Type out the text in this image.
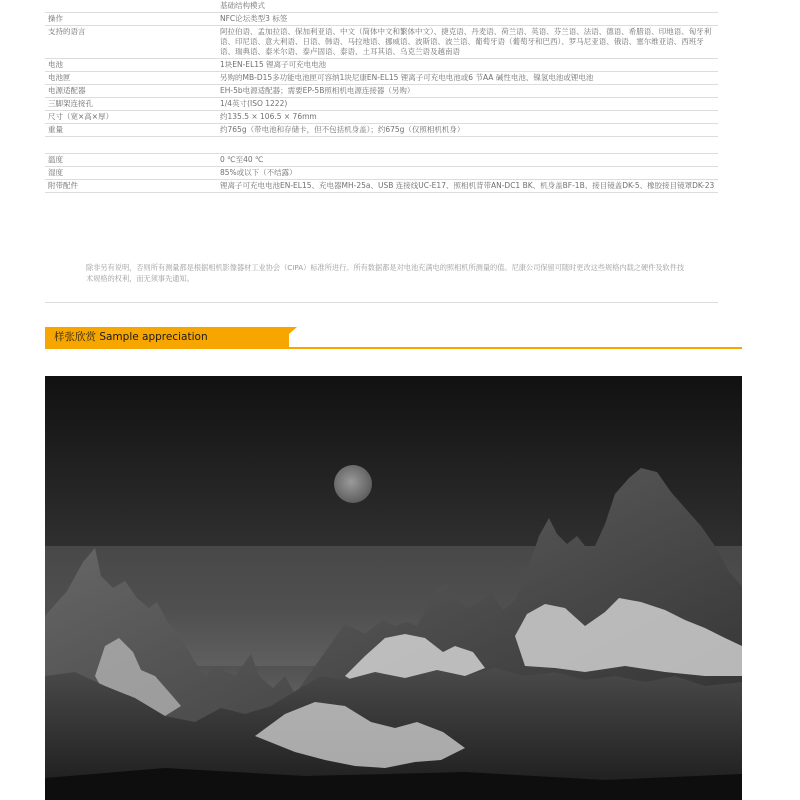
	基础结构模式
操作	NFC论坛类型3 标签
支持的语言	阿拉伯语、孟加拉语、保加利亚语、中文（简体中文和繁体中文）、捷克语、丹麦语、荷兰语、英语、芬兰语、法语、德语、希腊语、印地语、匈牙利语、印尼语、意大利语、日语、韩语、马拉地语、挪威语、波斯语、波兰语、葡萄牙语（葡萄牙和巴西）、罗马尼亚语、俄语、塞尔维亚语、西班牙语、瑞典语、泰米尔语、泰卢固语、泰语、土耳其语、乌克兰语及越南语
电池	1块EN-EL15 锂离子可充电电池
电池匣	另购的MB-D15多功能电池匣可容纳1块尼康EN-EL15 锂离子可充电电池或6 节AA 碱性电池、镍氢电池或锂电池
电源适配器	EH-5b电源适配器；需要EP-5B照相机电源连接器（另购）
三脚架连接孔	1/4英寸(ISO 1222)
尺寸（宽×高×厚）	约135.5 × 106.5 × 76mm
重量	约765g（带电池和存储卡，但不包括机身盖）；约675g（仅照相机机身）

温度	0 ℃至40 ℃
湿度	85%或以下（不结露）
附带配件	锂离子可充电电池EN-EL15、充电器MH-25a、USB 连接线UC-E17、照相机背带AN-DC1 BK、机身盖BF-1B、接目镜盖DK-5、橡胶接目镜罩DK-23
除非另有说明，否则所有测量都是根据相机影像器材工业协会（CIPA）标准所进行。所有数据都是对电池充满电的照相机所测量的值。尼康公司保留可随时更改这些规格内载之硬件及软件技术规格的权利，而无须事先通知。
样张欣赏 Sample appreciation
